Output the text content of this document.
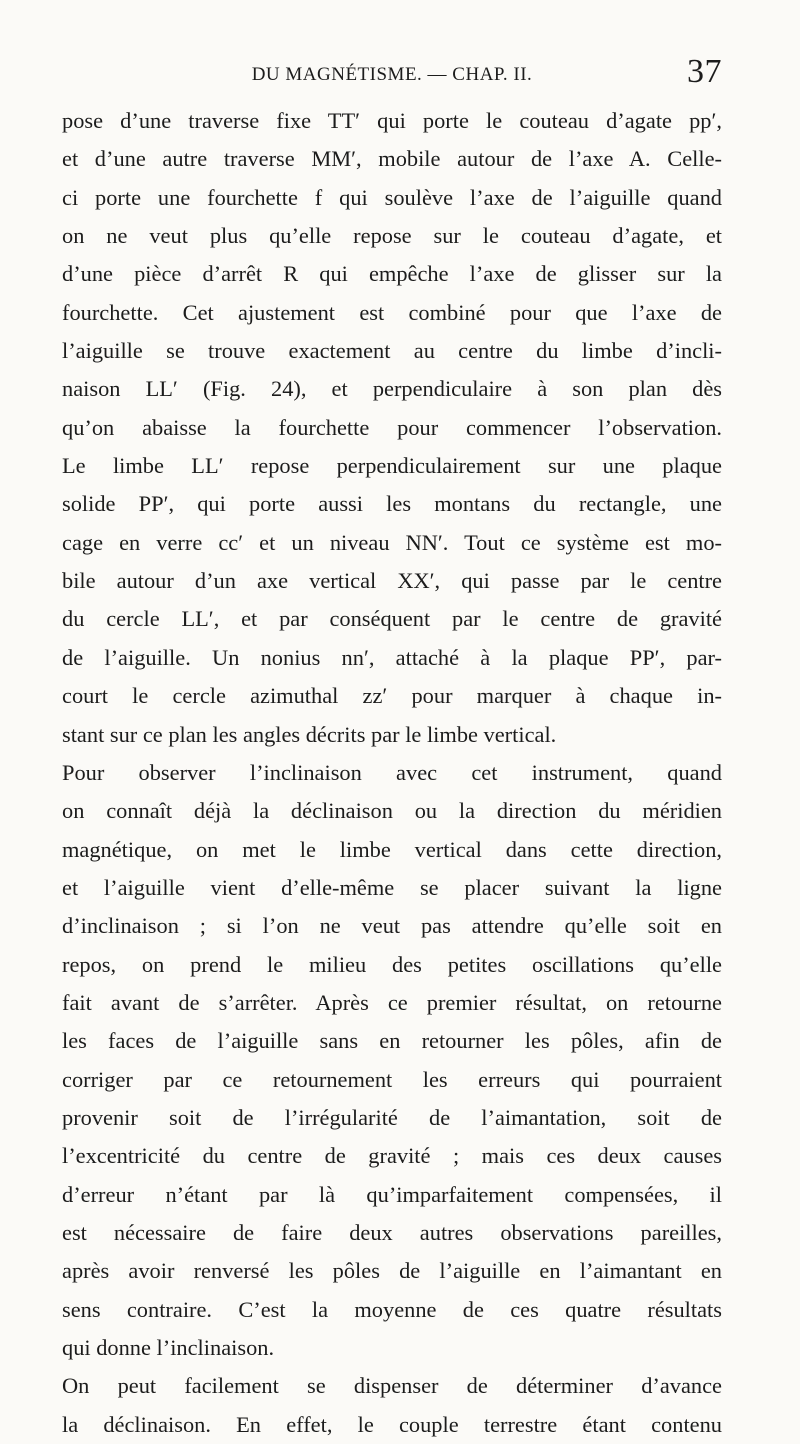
DU MAGNÉTISME. — CHAP. II.	37
pose d’une traverse fixe TT′ qui porte le couteau d’agate pp′,
et d’une autre traverse MM′, mobile autour de l’axe A. Celle-
ci porte une fourchette f qui soulève l’axe de l’aiguille quand
on ne veut plus qu’elle repose sur le couteau d’agate, et
d’une pièce d’arrêt R qui empêche l’axe de glisser sur la
fourchette. Cet ajustement est combiné pour que l’axe de
l’aiguille se trouve exactement au centre du limbe d’incli-
naison LL′ (Fig. 24), et perpendiculaire à son plan dès
qu’on abaisse la fourchette pour commencer l’observation.
Le limbe LL′ repose perpendiculairement sur une plaque
solide PP′, qui porte aussi les montans du rectangle, une
cage en verre cc′ et un niveau NN′. Tout ce système est mo-
bile autour d’un axe vertical XX′, qui passe par le centre
du cercle LL′, et par conséquent par le centre de gravité
de l’aiguille. Un nonius nn′, attaché à la plaque PP′, par-
court le cercle azimuthal zz′ pour marquer à chaque in-
stant sur ce plan les angles décrits par le limbe vertical.
Pour observer l’inclinaison avec cet instrument, quand
on connaît déjà la déclinaison ou la direction du méridien
magnétique, on met le limbe vertical dans cette direction,
et l’aiguille vient d’elle-même se placer suivant la ligne
d’inclinaison ; si l’on ne veut pas attendre qu’elle soit en
repos, on prend le milieu des petites oscillations qu’elle
fait avant de s’arrêter. Après ce premier résultat, on retourne
les faces de l’aiguille sans en retourner les pôles, afin de
corriger par ce retournement les erreurs qui pourraient
provenir soit de l’irrégularité de l’aimantation, soit de
l’excentricité du centre de gravité ; mais ces deux causes
d’erreur n’étant par là qu’imparfaitement compensées, il
est nécessaire de faire deux autres observations pareilles,
après avoir renversé les pôles de l’aiguille en l’aimantant en
sens contraire. C’est la moyenne de ces quatre résultats
qui donne l’inclinaison.
On peut facilement se dispenser de déterminer d’avance
la déclinaison. En effet, le couple terrestre étant contenu
